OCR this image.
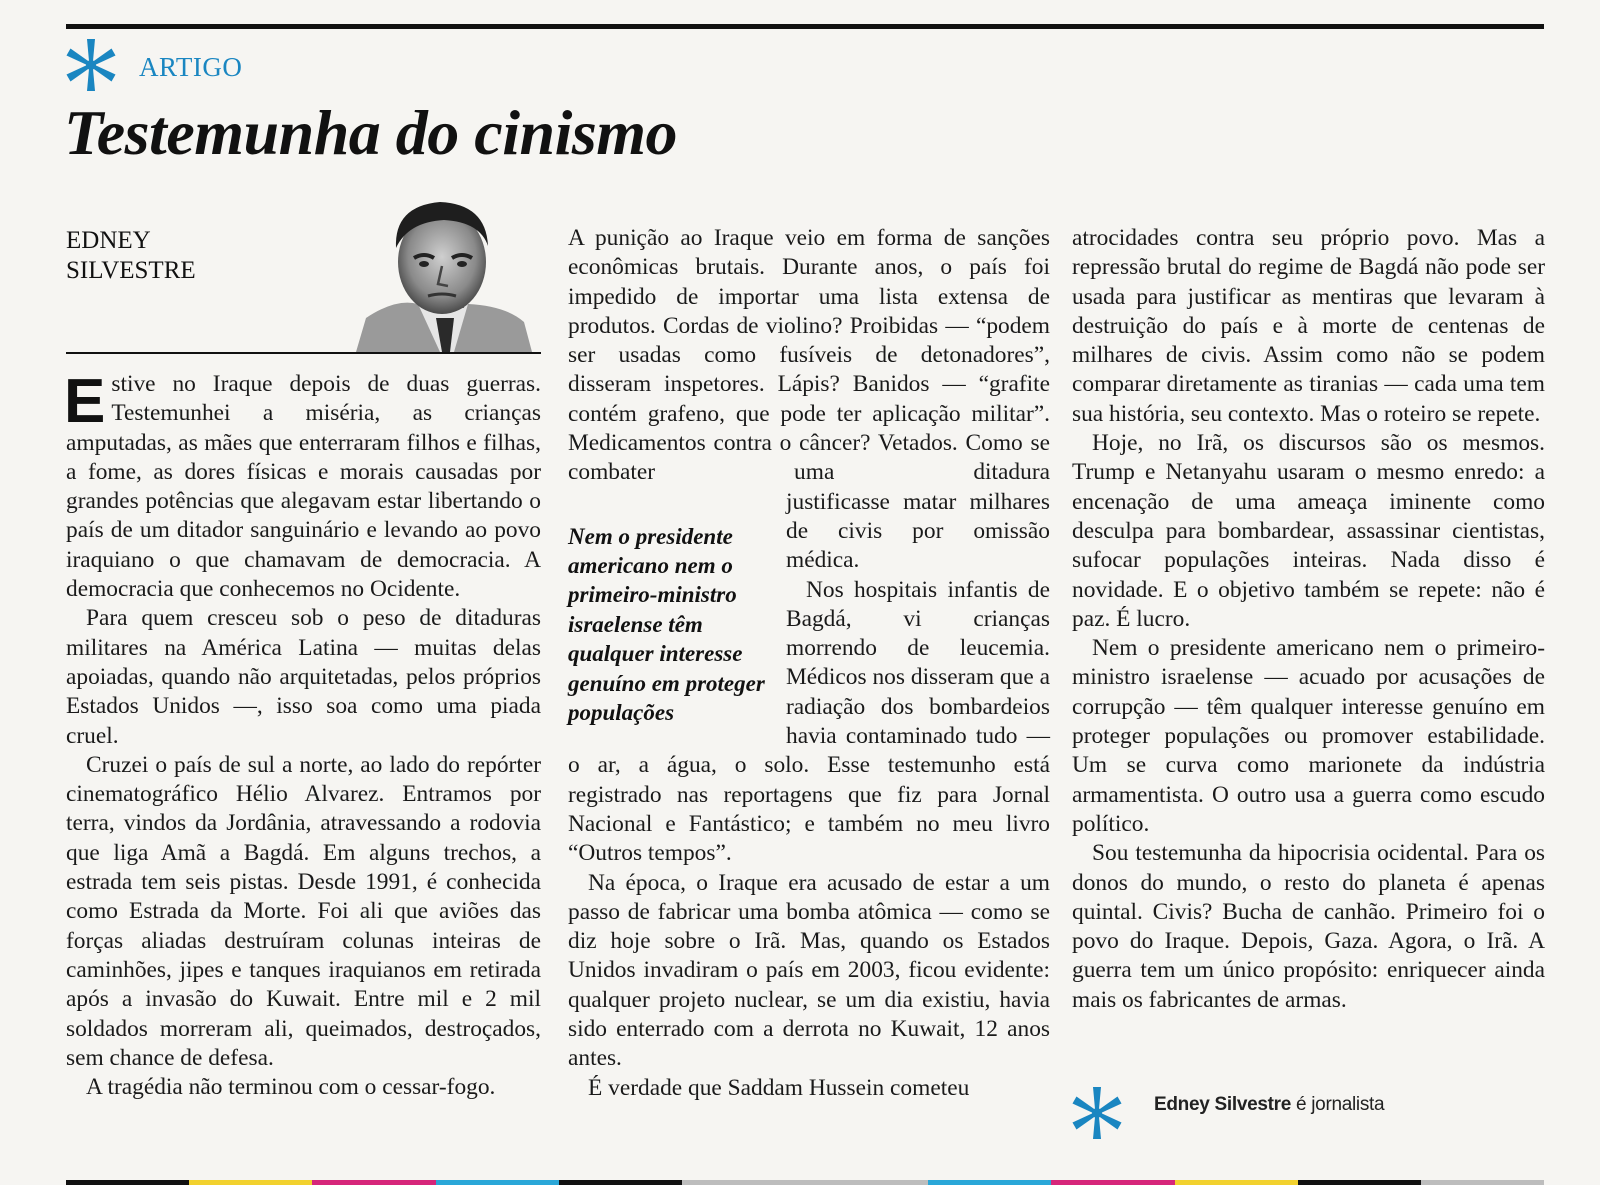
ARTIGO
Testemunha do cinismo
EDNEY
SILVESTRE

Estive no Iraque depois de duas guerras. Testemunhei a miséria, as crianças amputadas, as mães que enterraram filhos e filhas, a fome, as dores físicas e morais causadas por grandes potências que alegavam estar libertando o país de um ditador sanguinário e levando ao povo iraquiano o que chamavam de democracia. A democracia que conhecemos no Ocidente.

Para quem cresceu sob o peso de ditaduras militares na América Latina — muitas delas apoiadas, quando não arquitetadas, pelos próprios Estados Unidos —, isso soa como uma piada cruel.

Cruzei o país de sul a norte, ao lado do repórter cinematográfico Hélio Alvarez. Entramos por terra, vindos da Jordânia, atravessando a rodovia que liga Amã a Bagdá. Em alguns trechos, a estrada tem seis pistas. Desde 1991, é conhecida como Estrada da Morte. Foi ali que aviões das forças aliadas destruíram colunas inteiras de caminhões, jipes e tanques iraquianos em retirada após a invasão do Kuwait. Entre mil e 2 mil soldados morreram ali, queimados, destroçados, sem chance de defesa.

A tragédia não terminou com o cessar-fogo.

A punição ao Iraque veio em forma de sanções econômicas brutais. Durante anos, o país foi impedido de importar uma lista extensa de produtos. Cordas de violino? Proibidas — “podem ser usadas como fusíveis de detonadores”, disseram inspetores. Lápis? Banidos — “grafite contém grafeno, que pode ter aplicação militar”. Medicamentos contra o câncer? Vetados. Como se combater uma ditadura jus
Nem o presidente americano nem o primeiro-ministro israelense têm qualquer interesse genuíno em proteger populações
tificasse matar milhares de civis por omissão médica.

Nos hospitais infantis de Bagdá, vi crianças morrendo de leucemia. Médicos nos disseram que a radiação dos bombardeios havia contaminado tudo — o ar, a água, o solo. Esse testemunho está registrado nas reportagens que fiz para Jornal Nacional e Fantástico; e também no meu livro “Outros tempos”.

Na época, o Iraque era acusado de estar a um passo de fabricar uma bomba atômica — como se diz hoje sobre o Irã. Mas, quando os Estados Unidos invadiram o país em 2003, ficou evidente: qualquer projeto nuclear, se um dia existiu, havia sido enterrado com a derrota no Kuwait, 12 anos antes.

É verdade que Saddam Hussein cometeu

atrocidades contra seu próprio povo. Mas a repressão brutal do regime de Bagdá não pode ser usada para justificar as mentiras que levaram à destruição do país e à morte de centenas de milhares de civis. Assim como não se podem comparar diretamente as tiranias — cada uma tem sua história, seu contexto. Mas o roteiro se repete.

Hoje, no Irã, os discursos são os mesmos. Trump e Netanyahu usaram o mesmo enredo: a encenação de uma ameaça iminente como desculpa para bombardear, assassinar cientistas, sufocar populações inteiras. Nada disso é novidade. E o objetivo também se repete: não é paz. É lucro.

Nem o presidente americano nem o primeiro-ministro israelense — acuado por acusações de corrupção — têm qualquer interesse genuíno em proteger populações ou promover estabilidade. Um se curva como marionete da indústria armamentista. O outro usa a guerra como escudo político.

Sou testemunha da hipocrisia ocidental. Para os donos do mundo, o resto do planeta é apenas quintal. Civis? Bucha de canhão. Primeiro foi o povo do Iraque. Depois, Gaza. Agora, o Irã. A guerra tem um único propósito: enriquecer ainda mais os fabricantes de armas.

Edney Silvestre é jornalista
